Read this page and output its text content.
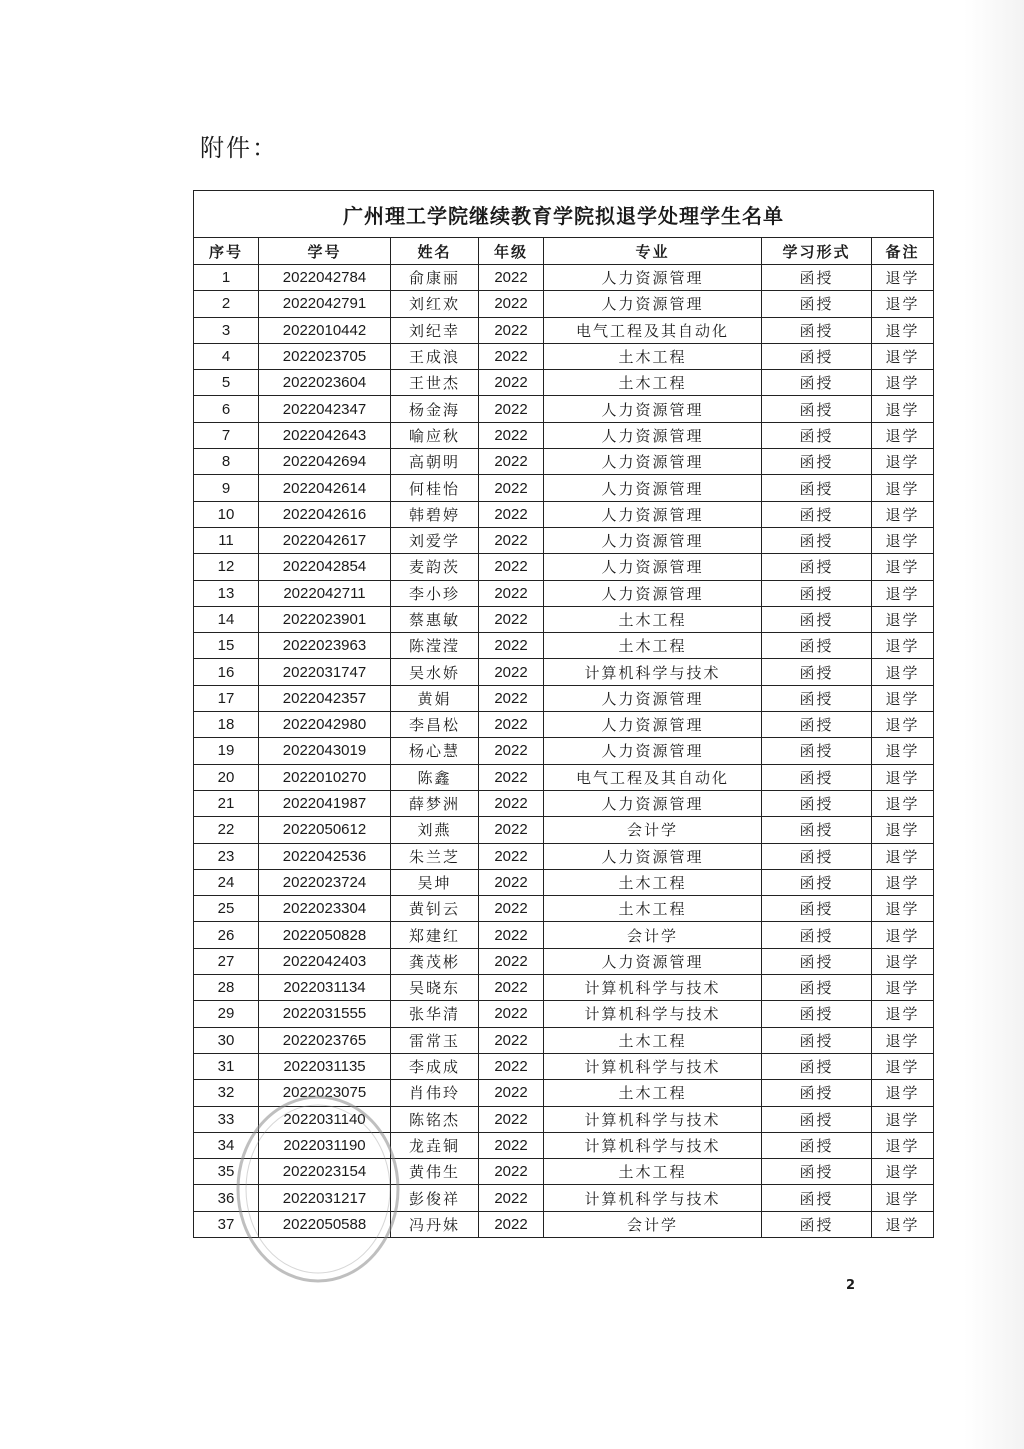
附件：
广州理工学院继续教育学院拟退学处理学生名单						
序号	学号	姓名	年级	专业	学习形式	备注
1	2022042784	俞康丽	2022	人力资源管理	函授	退学
2	2022042791	刘红欢	2022	人力资源管理	函授	退学
3	2022010442	刘纪幸	2022	电气工程及其自动化	函授	退学
4	2022023705	王成浪	2022	土木工程	函授	退学
5	2022023604	王世杰	2022	土木工程	函授	退学
6	2022042347	杨金海	2022	人力资源管理	函授	退学
7	2022042643	喻应秋	2022	人力资源管理	函授	退学
8	2022042694	高朝明	2022	人力资源管理	函授	退学
9	2022042614	何桂怡	2022	人力资源管理	函授	退学
10	2022042616	韩碧婷	2022	人力资源管理	函授	退学
11	2022042617	刘爱学	2022	人力资源管理	函授	退学
12	2022042854	麦韵茨	2022	人力资源管理	函授	退学
13	2022042711	李小珍	2022	人力资源管理	函授	退学
14	2022023901	蔡惠敏	2022	土木工程	函授	退学
15	2022023963	陈滢滢	2022	土木工程	函授	退学
16	2022031747	吴水娇	2022	计算机科学与技术	函授	退学
17	2022042357	黄娟	2022	人力资源管理	函授	退学
18	2022042980	李昌松	2022	人力资源管理	函授	退学
19	2022043019	杨心慧	2022	人力资源管理	函授	退学
20	2022010270	陈鑫	2022	电气工程及其自动化	函授	退学
21	2022041987	薛梦洲	2022	人力资源管理	函授	退学
22	2022050612	刘燕	2022	会计学	函授	退学
23	2022042536	朱兰芝	2022	人力资源管理	函授	退学
24	2022023724	吴坤	2022	土木工程	函授	退学
25	2022023304	黄钊云	2022	土木工程	函授	退学
26	2022050828	郑建红	2022	会计学	函授	退学
27	2022042403	龚茂彬	2022	人力资源管理	函授	退学
28	2022031134	吴晓东	2022	计算机科学与技术	函授	退学
29	2022031555	张华清	2022	计算机科学与技术	函授	退学
30	2022023765	雷常玉	2022	土木工程	函授	退学
31	2022031135	李成成	2022	计算机科学与技术	函授	退学
32	2022023075	肖伟玲	2022	土木工程	函授	退学
33	2022031140	陈铭杰	2022	计算机科学与技术	函授	退学
34	2022031190	龙垚铜	2022	计算机科学与技术	函授	退学
35	2022023154	黄伟生	2022	土木工程	函授	退学
36	2022031217	彭俊祥	2022	计算机科学与技术	函授	退学
37	2022050588	冯丹妹	2022	会计学	函授	退学
2
